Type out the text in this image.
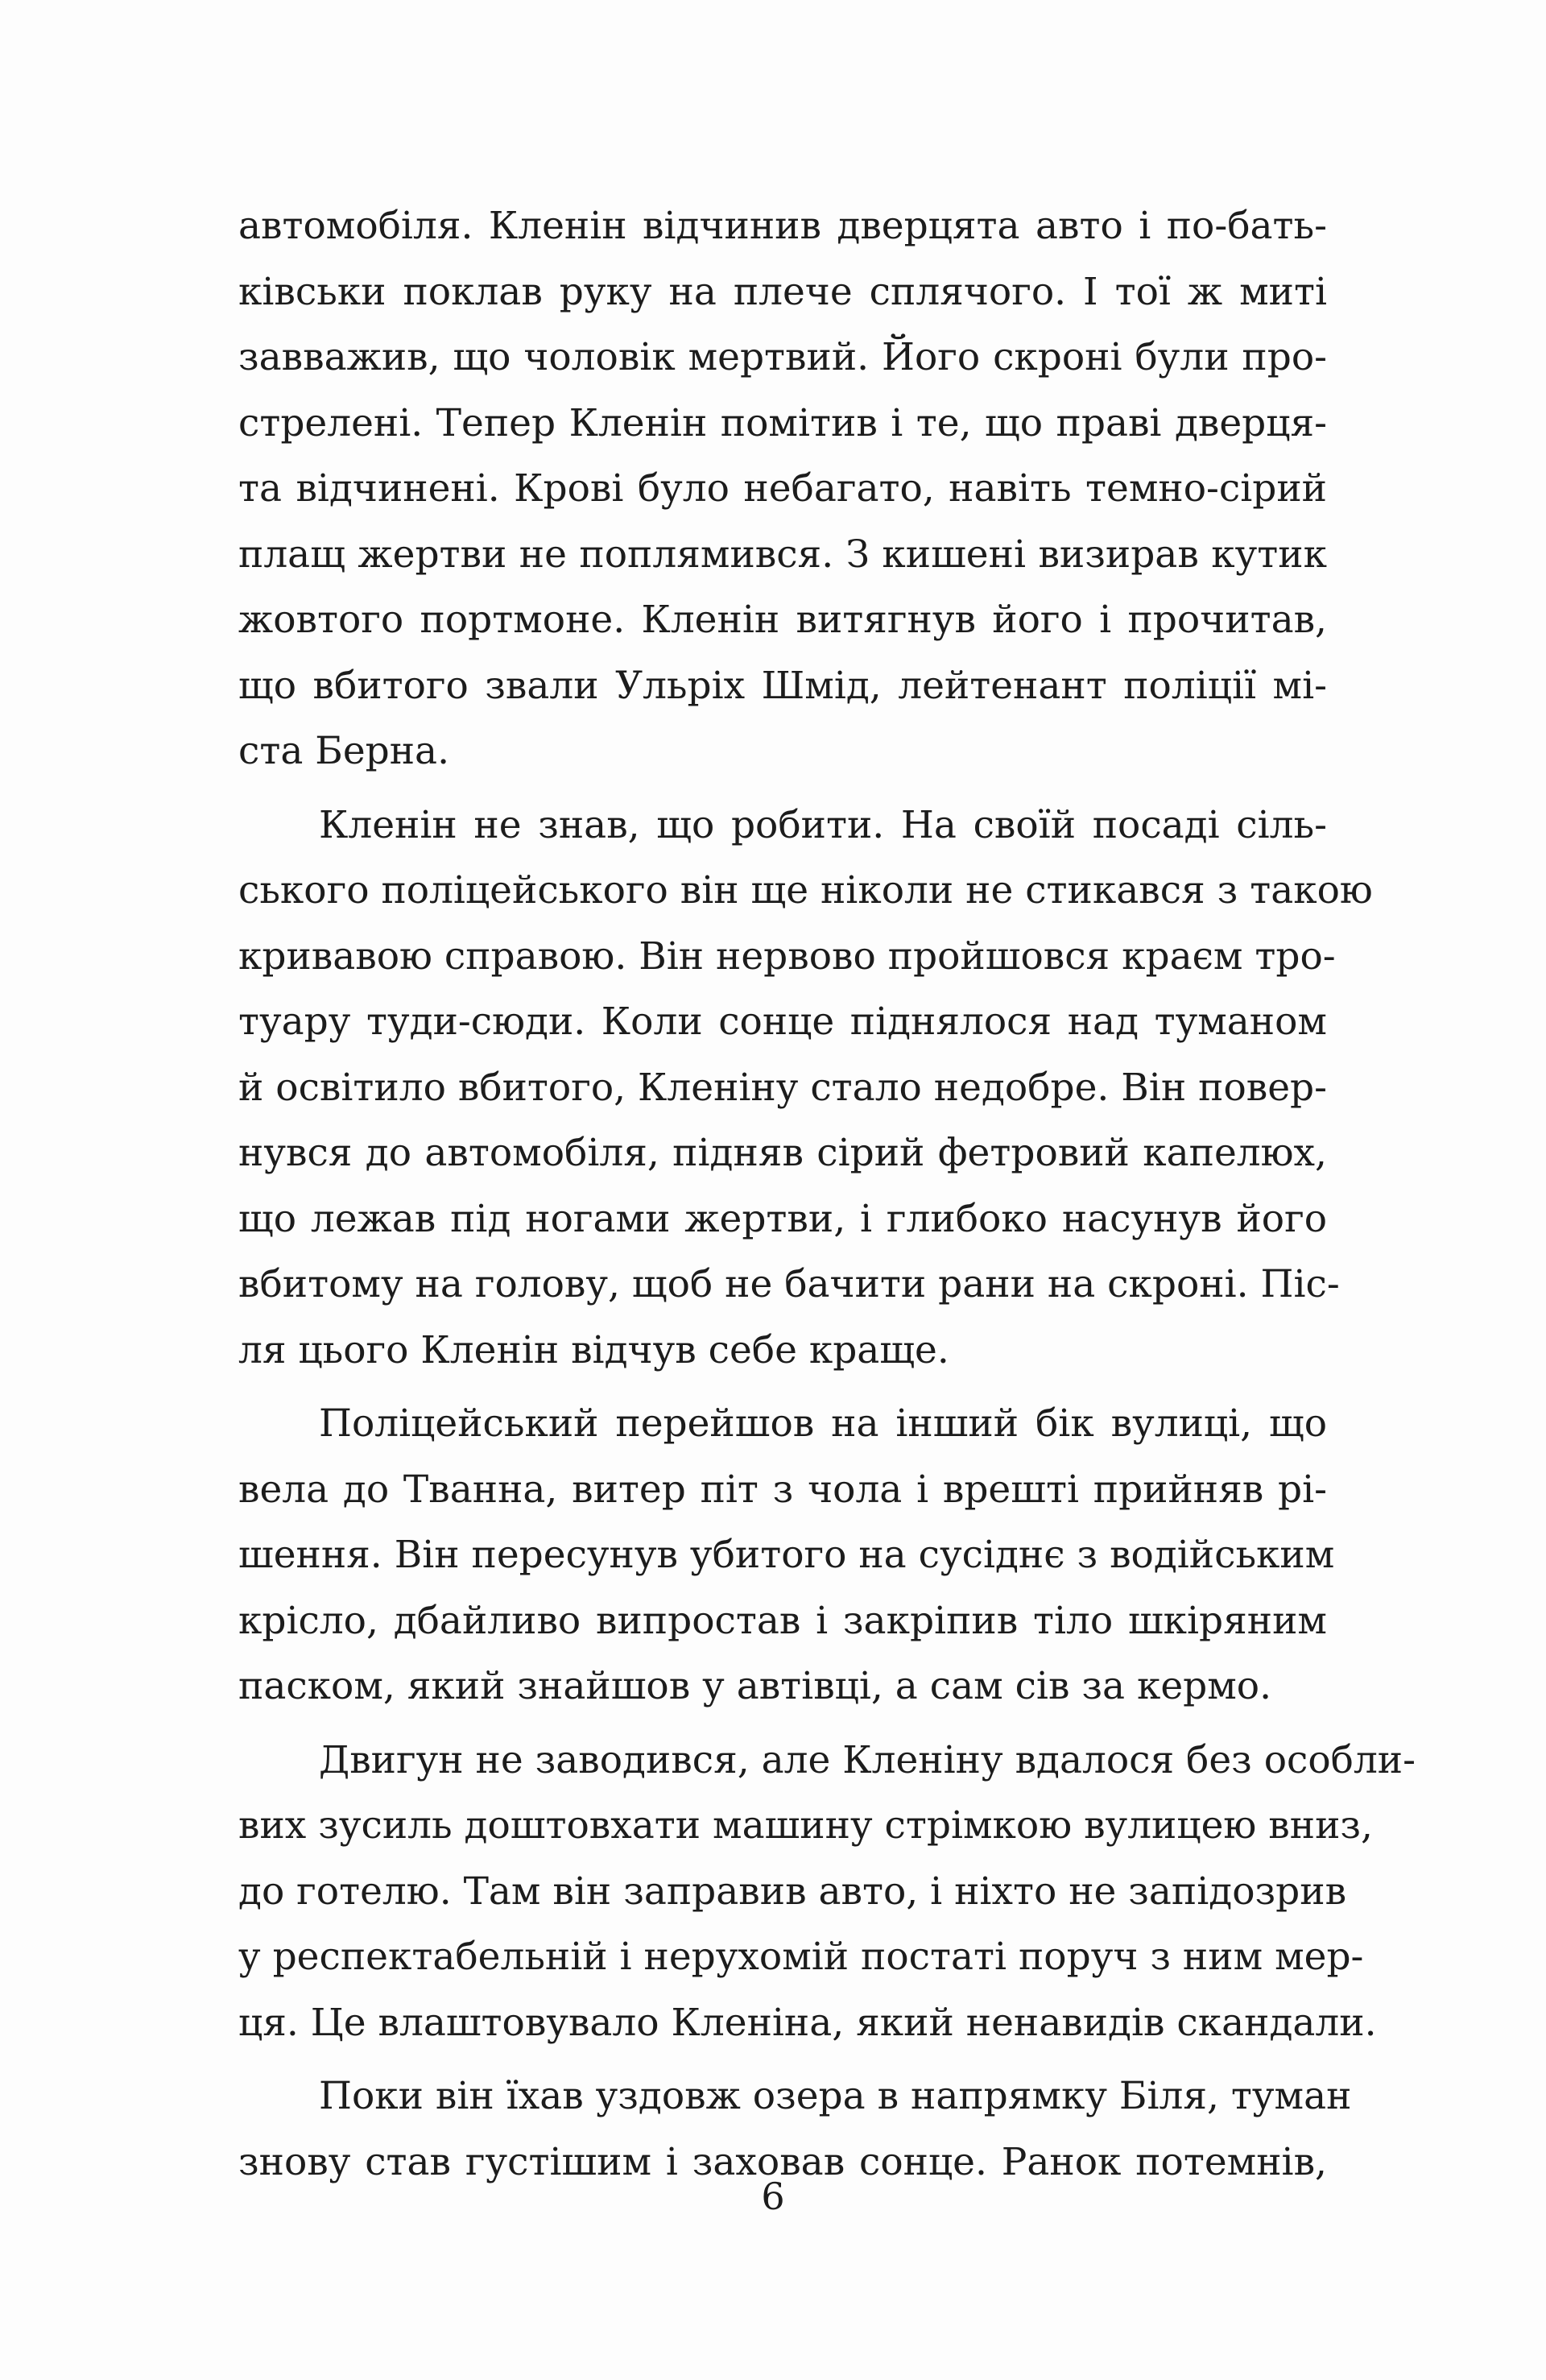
автомобіля. Кленін відчинив дверцята авто і по-бать-
ківськи поклав руку на плече сплячого. І тої ж миті
завважив, що чоловік мертвий. Його скроні були про-
стрелені. Тепер Кленін помітив і те, що праві дверця-
та відчинені. Крові було небагато, навіть темно-сірий
плащ жертви не поплямився. З кишені визирав кутик
жовтого портмоне. Кленін витягнув його і прочитав,
що вбитого звали Ульріх Шмід, лейтенант поліції мі-
ста Берна.
Кленін не знав, що робити. На своїй посаді сіль-
ського поліцейського він ще ніколи не стикався з такою
кривавою справою. Він нервово пройшовся краєм тро-
туару туди-сюди. Коли сонце піднялося над туманом
й освітило вбитого, Кленіну стало недобре. Він повер-
нувся до автомобіля, підняв сірий фетровий капелюх,
що лежав під ногами жертви, і глибоко насунув його
вбитому на голову, щоб не бачити рани на скроні. Піс-
ля цього Кленін відчув себе краще.
Поліцейський перейшов на інший бік вулиці, що
вела до Тванна, витер піт з чола і врешті прийняв рі-
шення. Він пересунув убитого на сусіднє з водійським
крісло, дбайливо випростав і закріпив тіло шкіряним
паском, який знайшов у автівці, а сам сів за кермо.
Двигун не заводився, але Кленіну вдалося без особли-
вих зусиль доштовхати машину стрімкою вулицею вниз,
до готелю. Там він заправив авто, і ніхто не запідозрив
у респектабельній і нерухомій постаті поруч з ним мер-
ця. Це влаштовувало Кленіна, який ненавидів скандали.
Поки він їхав уздовж озера в напрямку Біля, туман
знову став густішим і заховав сонце. Ранок потемнів,
6
